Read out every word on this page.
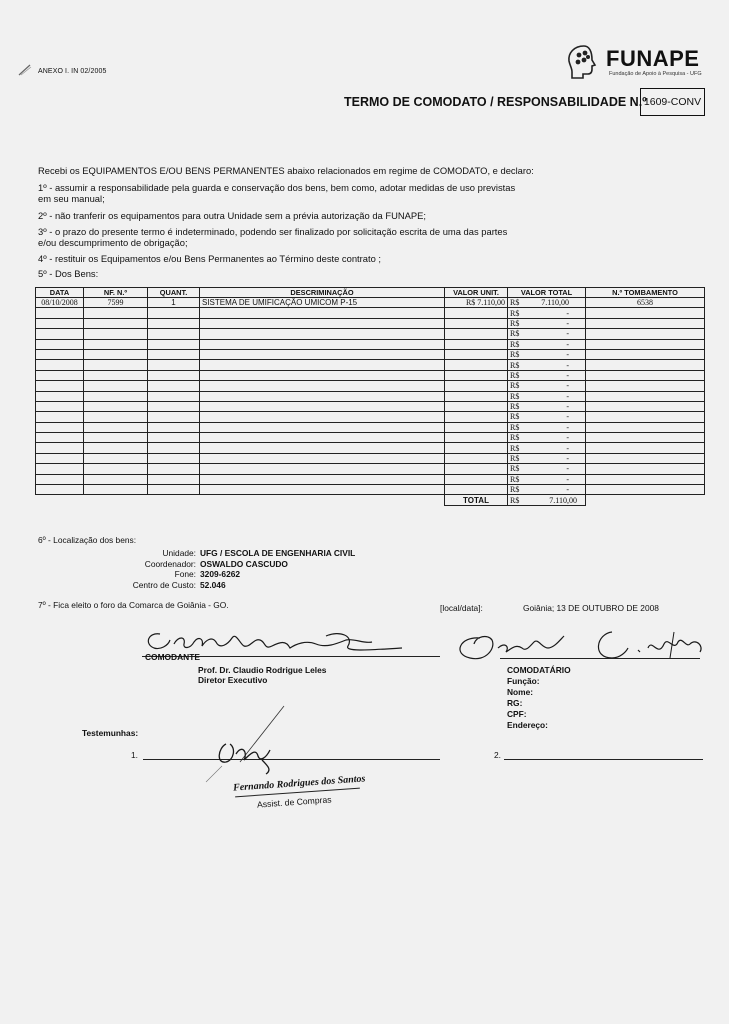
ANEXO I. IN 02/2005
FUNAPE
Fundação de Apoio à Pesquisa - UFG
TERMO DE COMODATO / RESPONSABILIDADE N.º
1609-CONV
Recebi os EQUIPAMENTOS E/OU BENS PERMANENTES abaixo relacionados em regime de COMODATO, e declaro:
1º - assumir a responsabilidade pela guarda e conservação dos bens, bem como, adotar medidas de uso previstas
em seu manual;
2º - não tranferir os equipamentos para outra Unidade sem a prévia autorização da FUNAPE;
3º - o prazo do presente termo é indeterminado, podendo ser finalizado por solicitação escrita de uma das partes
e/ou descumprimento de obrigação;
4º - restituir os Equipamentos e/ou Bens Permanentes ao Término deste contrato ;
5º - Dos Bens:
DATA	NF. N.º	QUANT.	DESCRIMINAÇÃO	VALOR UNIT.	VALOR TOTAL	N.º TOMBAMENTO
08/10/2008	7599	1	SISTEMA DE UMIFICAÇÃO UMICOM P-15	R$ 7.110,00	R$ 7.110,00	6538

					R$ -	

					R$ -	

					R$ -	

					R$ -	

					R$ -	

					R$ -	

					R$ -	

					R$ -	

					R$ -	

					R$ -	

					R$ -	

					R$ -	

					R$ -	

					R$ -	

					R$ -	

					R$ -	

					R$ -	

					R$ -	

				TOTAL	R$ 7.110,00	

6º - Localização dos bens:
Unidade: UFG / ESCOLA DE ENGENHARIA CIVIL
Coordenador: OSWALDO CASCUDO
Fone: 3209-6262
Centro de Custo: 52.046
7º - Fica eleito o foro da Comarca de Goiânia - GO.	[local/data]:	Goiânia; 13 DE OUTUBRO DE 2008
COMODANTE
Prof. Dr. Claudio Rodrigue Leles
Diretor Executivo
COMODATÁRIO
Função:
Nome:
RG:
CPF:
Endereço:
Testemunhas:
1.	2.
Fernando Rodrigues dos Santos
Assist. de Compras
